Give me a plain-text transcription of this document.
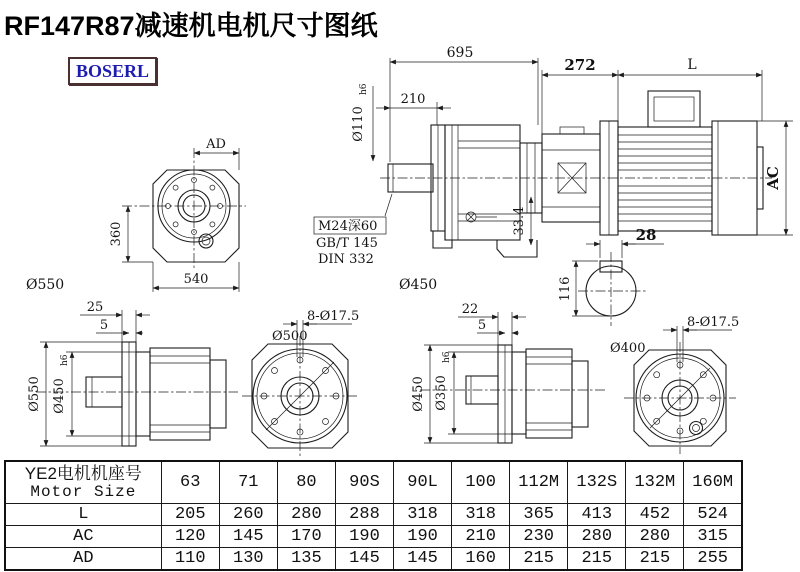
RF147R87减速机电机尺寸图纸
BOSERL
AD
360
540
Ø550
695
210
Ø110
h6
M24深60
GB/T 145
DIN 332
33.4
Ø450
272	L
AC
116
28
25
5
Ø550 Ø450
h6
Ø500
8-Ø17.5	22
5
Ø450 Ø350
h6
Ø400
8-Ø17.5
YE2电机机座号
Motor Size	63	71	80	90S	90L	100	112M	132S	132M	160M
L	205	260	280	288	318	318	365	413	452	524
AC	120	145	170	190	190	210	230	280	280	315
AD	110	130	135	145	145	160	215	215	215	255
